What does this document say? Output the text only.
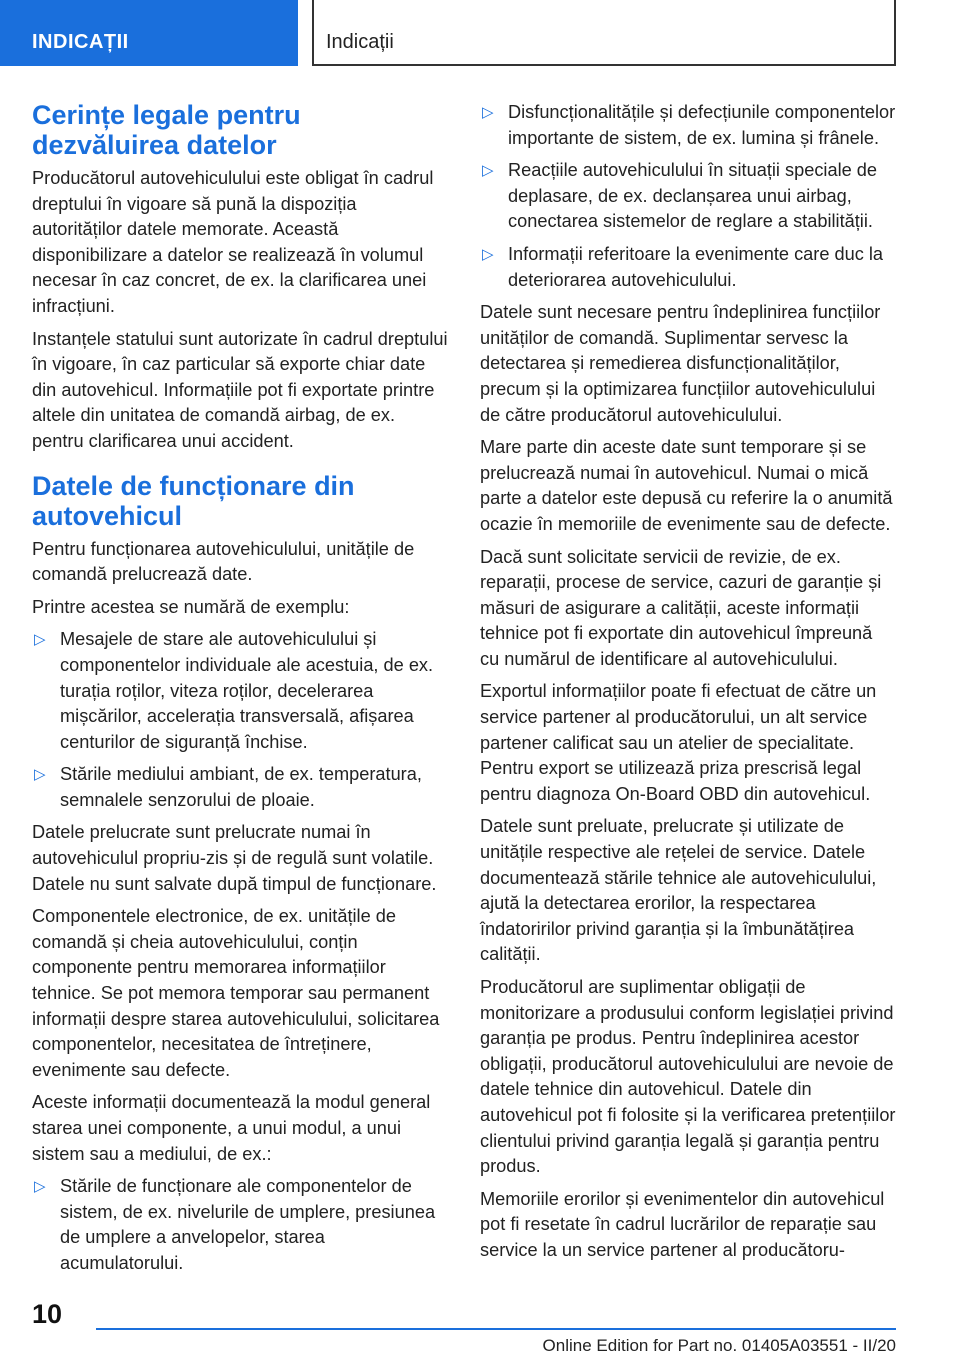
INDICAȚII	Indicații
Cerințe legale pentru dezvăluirea datelor
Producătorul autovehiculului este obligat în cadrul dreptului în vigoare să pună la dispoziția autorităților datele memorate. Această disponibilizare a datelor se realizează în volumul necesar în caz concret, de ex. la clarificarea unei infracțiuni.
Instanțele statului sunt autorizate în cadrul dreptului în vigoare, în caz particular să exporte chiar date din autovehicul. Informațiile pot fi exportate printre altele din unitatea de comandă airbag, de ex. pentru clarificarea unui accident.
Datele de funcționare din autovehicul
Pentru funcționarea autovehiculului, unitățile de comandă prelucrează date.
Printre acestea se numără de exemplu:
▷ Mesajele de stare ale autovehiculului și componentelor individuale ale acestuia, de ex. turația roților, viteza roților, decelerarea mișcărilor, accelerația transversală, afișarea centurilor de siguranță închise.
▷ Stările mediului ambiant, de ex. temperatura, semnalele senzorului de ploaie.
Datele prelucrate sunt prelucrate numai în autovehiculul propriu-zis și de regulă sunt volatile. Datele nu sunt salvate după timpul de funcționare.
Componentele electronice, de ex. unitățile de comandă și cheia autovehiculului, conțin componente pentru memorarea informațiilor tehnice. Se pot memora temporar sau permanent informații despre starea autovehiculului, solicitarea componentelor, necesitatea de întreținere, evenimente sau defecte.
Aceste informații documentează la modul general starea unei componente, a unui modul, a unui sistem sau a mediului, de ex.:
▷ Stările de funcționare ale componentelor de sistem, de ex. nivelurile de umplere, presiunea de umplere a anvelopelor, starea acumulatorului.
▷ Disfuncționalitățile și defecțiunile componentelor importante de sistem, de ex. lumina și frânele.
▷ Reacțiile autovehiculului în situații speciale de deplasare, de ex. declanșarea unui airbag, conectarea sistemelor de reglare a stabilității.
▷ Informații referitoare la evenimente care duc la deteriorarea autovehiculului.
Datele sunt necesare pentru îndeplinirea funcțiilor unităților de comandă. Suplimentar servesc la detectarea și remedierea disfuncționalităților, precum și la optimizarea funcțiilor autovehiculului de către producătorul autovehiculului.
Mare parte din aceste date sunt temporare și se prelucrează numai în autovehicul. Numai o mică parte a datelor este depusă cu referire la o anumită ocazie în memoriile de evenimente sau de defecte.
Dacă sunt solicitate servicii de revizie, de ex. reparații, procese de service, cazuri de garanție și măsuri de asigurare a calității, aceste informații tehnice pot fi exportate din autovehicul împreună cu numărul de identificare al autovehiculului.
Exportul informațiilor poate fi efectuat de către un service partener al producătorului, un alt service partener calificat sau un atelier de specialitate. Pentru export se utilizează priza prescrisă legal pentru diagnoza On-Board OBD din autovehicul.
Datele sunt preluate, prelucrate și utilizate de unitățile respective ale rețelei de service. Datele documentează stările tehnice ale autovehiculului, ajută la detectarea erorilor, la respectarea îndatoririlor privind garanția și la îmbunătățirea calității.
Producătorul are suplimentar obligații de monitorizare a produsului conform legislației privind garanția pe produs. Pentru îndeplinirea acestor obligații, producătorul autovehiculului are nevoie de datele tehnice din autovehicul. Datele din autovehicul pot fi folosite și la verificarea pretențiilor clientului privind garanția legală și garanția pentru produs.
Memoriile erorilor și evenimentelor din autovehicul pot fi resetate în cadrul lucrărilor de reparație sau service la un service partener al producătoru-
10
Online Edition for Part no. 01405A03551 - II/20
